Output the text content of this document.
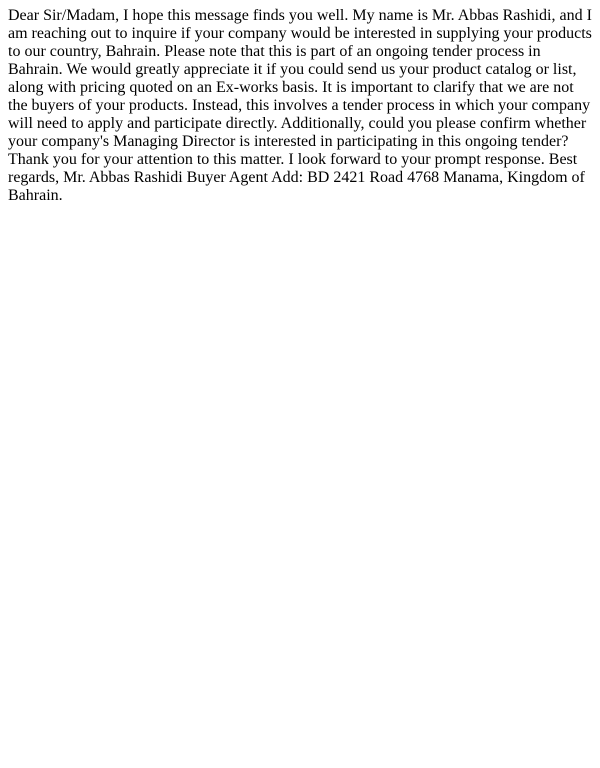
Dear Sir/Madam, I hope this message finds you well. My name is Mr. Abbas Rashidi, and I am reaching out to inquire if your company would be interested in supplying your products to our country, Bahrain. Please note that this is part of an ongoing tender process in Bahrain. We would greatly appreciate it if you could send us your product catalog or list, along with pricing quoted on an Ex-works basis. It is important to clarify that we are not the buyers of your products. Instead, this involves a tender process in which your company will need to apply and participate directly. Additionally, could you please confirm whether your company's Managing Director is interested in participating in this ongoing tender? Thank you for your attention to this matter. I look forward to your prompt response. Best regards, Mr. Abbas Rashidi Buyer Agent Add: BD 2421 Road 4768 Manama, Kingdom of Bahrain.
